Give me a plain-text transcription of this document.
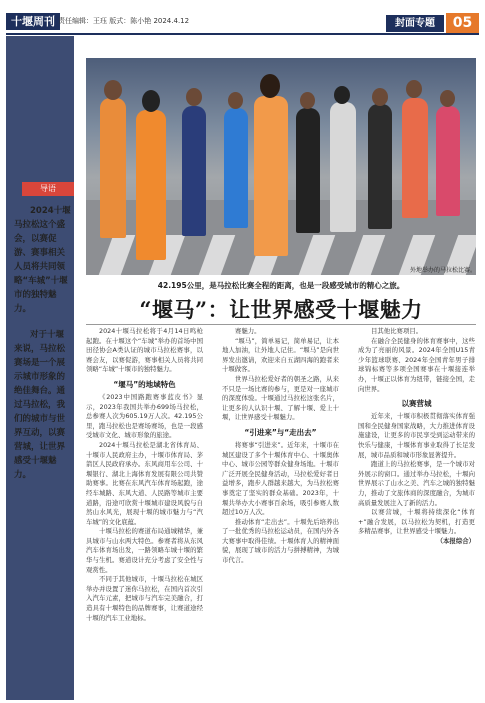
十堰周刊 责任编辑：王珏 版式：陈小艳 2024.4.12	封面专题	05
导语

2024十堰马拉松这个盛会，以赛促游、赛事相关人员将共同领略“车城”十堰市的独特魅力。

对于十堰来说，马拉松赛场是一个展示城市形象的绝佳舞台。通过马拉松，我们的城市与世界互动，以赛营城，让世界感受十堰魅力。

外地举办的马拉松比赛。
42.195公里，是马拉松比赛全程的距离，也是一段感受城市的精心之旅。
“堰马”：让世界感受十堰魅力

2024十堰马拉松将于4月14日鸣枪起跑。在十堰这个“车城”举办的首场中国田径协会A类认证的城市马拉松赛事，以赛会友，以赛促游，赛事相关人员将共同领略“车城”十堰市的独特魅力。

“堰马”的地域特色

《2023中国路跑赛事蓝皮书》显示，2023年我国共举办699场马拉松，总参赛人次为605.19万人次。42.195公里，跑马拉松也是赛场赛场，也是一段感受城市文化、城市形象的旅途。

2024十堰马拉松是湖北省体育局、十堰市人民政府主办，十堰市体育局、茅箭区人民政府承办。东风商用车公司、十堰银行、湖北上海体育发展有限公司共赞助赛事。比赛在东风汽车体育场起跑，途经车城路、东风大道、人民路等城市主要道路，沿途可欣赏十堰城市建设风貌与自然山水风光，展现十堰的城市魅力与“汽车城”的文化底蕴。

十堰马拉松的赛道布局通城精华，兼具城市与山水两大特色。参赛者将从东风汽车体育场出发，一路领略车城十堰的繁华与生机。赛道设计充分考虑了安全性与观赏性。

不同于其他城市，十堰马拉松在城区举办并设置了迷你马拉松，在国内首次引入汽车元素，把城市与汽车完美融合，打造具有十堰特色的品牌赛事，让赛道途经十堰的汽车工业地标。

赛魅力。

“堰马”，简单易记，简单易记，让本地人加油，让外地人记住。“堰马”是向世界发出邀请，欢迎来自五湖四海的跑者来十堰做客。

世界马拉松爱好者的朝圣之路，从来不只是一场比赛的参与，更是对一座城市的深度体验。十堰通过马拉松这张名片，让更多的人认识十堰、了解十堰、爱上十堰，让世界感受十堰魅力。

“引进来”与“走出去”

将赛事“引进来”。近年来，十堰市在城区建设了多个十堰体育中心、十堰奥体中心、城市公园等群众健身场地。十堰市广泛开展全民健身活动，马拉松爱好者日益增多，跑步人群越来越大，为马拉松赛事奠定了坚实的群众基础。2023年，十堰共举办大小赛事百余场，吸引参赛人数超过10万人次。

推动体育“走出去”。十堰先后培养出了一批优秀的马拉松运动员，在国内外各大赛事中取得佳绩。十堰体育人的精神面貌，展现了城市的活力与拼搏精神，为城市代言。

目其他比赛项目。

在融合全民健身的体育赛事中，这些成为了亮丽的风景。2024年全国U15青少年篮球联赛、2024年全国青年男子排球锦标赛等多项全国赛事在十堰接连举办，十堰正以体育为纽带，链接全国，走向世界。

以赛营城

近年来，十堰市积极贯彻落实体育强国和全民健身国家战略，大力推进体育设施建设，让更多的市民享受到运动带来的快乐与健康，十堰体育事业取得了长足发展，城市品质和城市形象显著提升。

跑道上的马拉松赛事，是一个城市对外展示的窗口。通过举办马拉松，十堰向世界展示了山水之美、汽车之城的独特魅力，推动了文旅体商的深度融合，为城市高质量发展注入了新的活力。

以赛营城，十堰将持续深化“体育+”融合发展，以马拉松为契机，打造更多精品赛事，让世界感受十堰魅力。

（本报综合）
